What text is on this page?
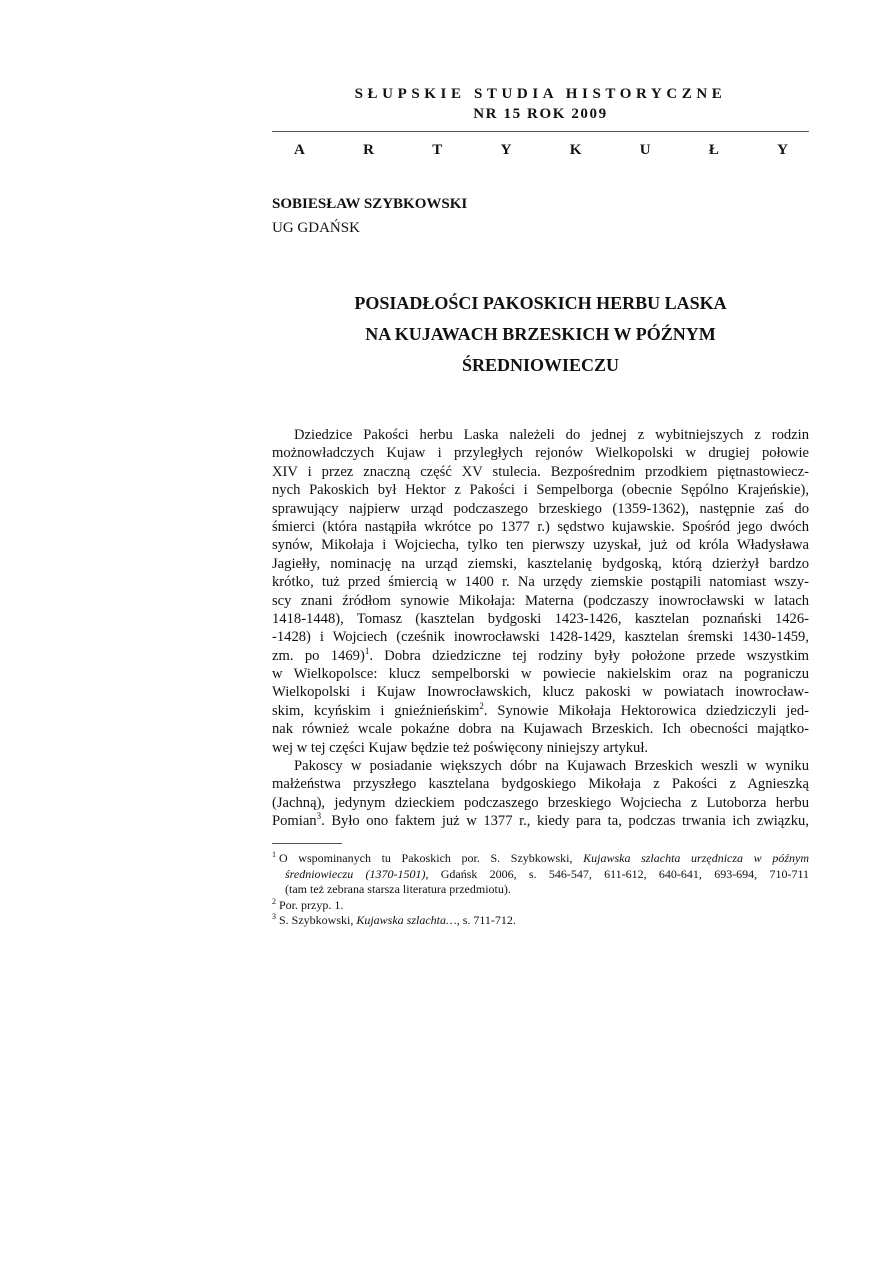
SŁUPSKIE STUDIA HISTORYCZNE
NR 15 ROK 2009
A	R	T	Y	K	U	Ł	Y
SOBIESŁAW SZYBKOWSKI
UG GDAŃSK
POSIADŁOŚCI PAKOSKICH HERBU LASKA
NA KUJAWACH BRZESKICH W PÓŹNYM
ŚREDNIOWIECZU
Dziedzice Pakości herbu Laska należeli do jednej z wybitniejszych z rodzin
możnowładczych Kujaw i przyległych rejonów Wielkopolski w drugiej połowie
XIV i przez znaczną część XV stulecia. Bezpośrednim przodkiem piętnastowiecz-
nych Pakoskich był Hektor z Pakości i Sempelborga (obecnie Sępólno Krajeńskie),
sprawujący najpierw urząd podczaszego brzeskiego (1359-1362), następnie zaś do
śmierci (która nastąpiła wkrótce po 1377 r.) sędstwo kujawskie. Spośród jego dwóch
synów, Mikołaja i Wojciecha, tylko ten pierwszy uzyskał, już od króla Władysława
Jagiełły, nominację na urząd ziemski, kasztelanię bydgoską, którą dzierżył bardzo
krótko, tuż przed śmiercią w 1400 r. Na urzędy ziemskie postąpili natomiast wszy-
scy znani źródłom synowie Mikołaja: Materna (podczaszy inowrocławski w latach
1418-1448), Tomasz (kasztelan bydgoski 1423-1426, kasztelan poznański 1426-
-1428) i Wojciech (cześnik inowrocławski 1428-1429, kasztelan śremski 1430-1459,
zm. po 1469)$^1$. Dobra dziedziczne tej rodziny były położone przede wszystkim
w Wielkopolsce: klucz sempelborski w powiecie nakielskim oraz na pograniczu
Wielkopolski i Kujaw Inowrocławskich, klucz pakoski w powiatach inowrocław-
skim, kcyńskim i gnieźnieńskim$^2$. Synowie Mikołaja Hektorowica dziedziczyli jed-
nak również wcale pokaźne dobra na Kujawach Brzeskich. Ich obecności majątko-
wej w tej części Kujaw będzie też poświęcony niniejszy artykuł.
Pakoscy w posiadanie większych dóbr na Kujawach Brzeskich weszli w wyniku
małżeństwa przyszłego kasztelana bydgoskiego Mikołaja z Pakości z Agnieszką
(Jachną), jedynym dzieckiem podczaszego brzeskiego Wojciecha z Lutoborza herbu
Pomian$^3$. Było ono faktem już w 1377 r., kiedy para ta, podczas trwania ich związku,
$^1$ O wspominanych tu Pakoskich por. S. Szybkowski, Kujawska szlachta urzędnicza w późnym
średniowieczu (1370-1501), Gdańsk 2006, s. 546-547, 611-612, 640-641, 693-694, 710-711
(tam też zebrana starsza literatura przedmiotu).
$^2$ Por. przyp. 1.
$^3$ S. Szybkowski, Kujawska szlachta…, s. 711-712.
